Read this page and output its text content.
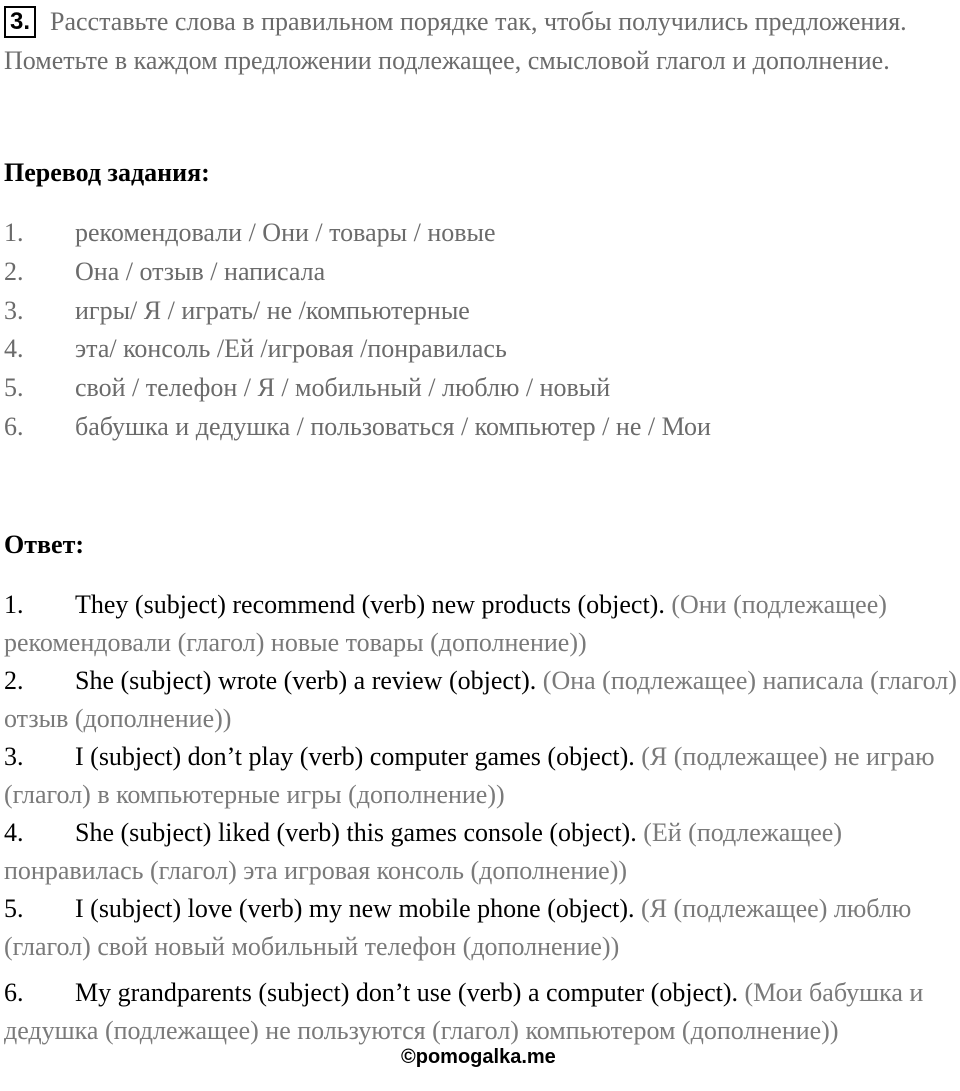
3. Расставьте слова в правильном порядке так, чтобы получились предложения. Пометьте в каждом предложении подлежащее, смысловой глагол и дополнение.
Перевод задания:
1.	рекомендовали / Они / товары / новые
2.	Она / отзыв / написала
3.	игры/ Я / играть/ не /компьютерные
4.	эта/ консоль /Ей /игровая /понравилась
5.	свой / телефон / Я / мобильный / люблю / новый
6.	бабушка и дедушка / пользоваться / компьютер / не / Мои
Ответ:

1. They (subject) recommend (verb) new products (object). (Они (подлежащее) рекомендовали (глагол) новые товары (дополнение))

2. She (subject) wrote (verb) a review (object). (Она (подлежащее) написала (глагол) отзыв (дополнение))

3. I (subject) don’t play (verb) computer games (object). (Я (подлежащее) не играю (глагол) в компьютерные игры (дополнение))

4. She (subject) liked (verb) this games console (object). (Ей (подлежащее) понравилась (глагол) эта игровая консоль (дополнение))

5. I (subject) love (verb) my new mobile phone (object). (Я (подлежащее) люблю (глагол) свой новый мобильный телефон (дополнение))

6. My grandparents (subject) don’t use (verb) a computer (object). (Мои бабушка и дедушка (подлежащее) не пользуются (глагол) компьютером (дополнение))

©pomogalka.me
